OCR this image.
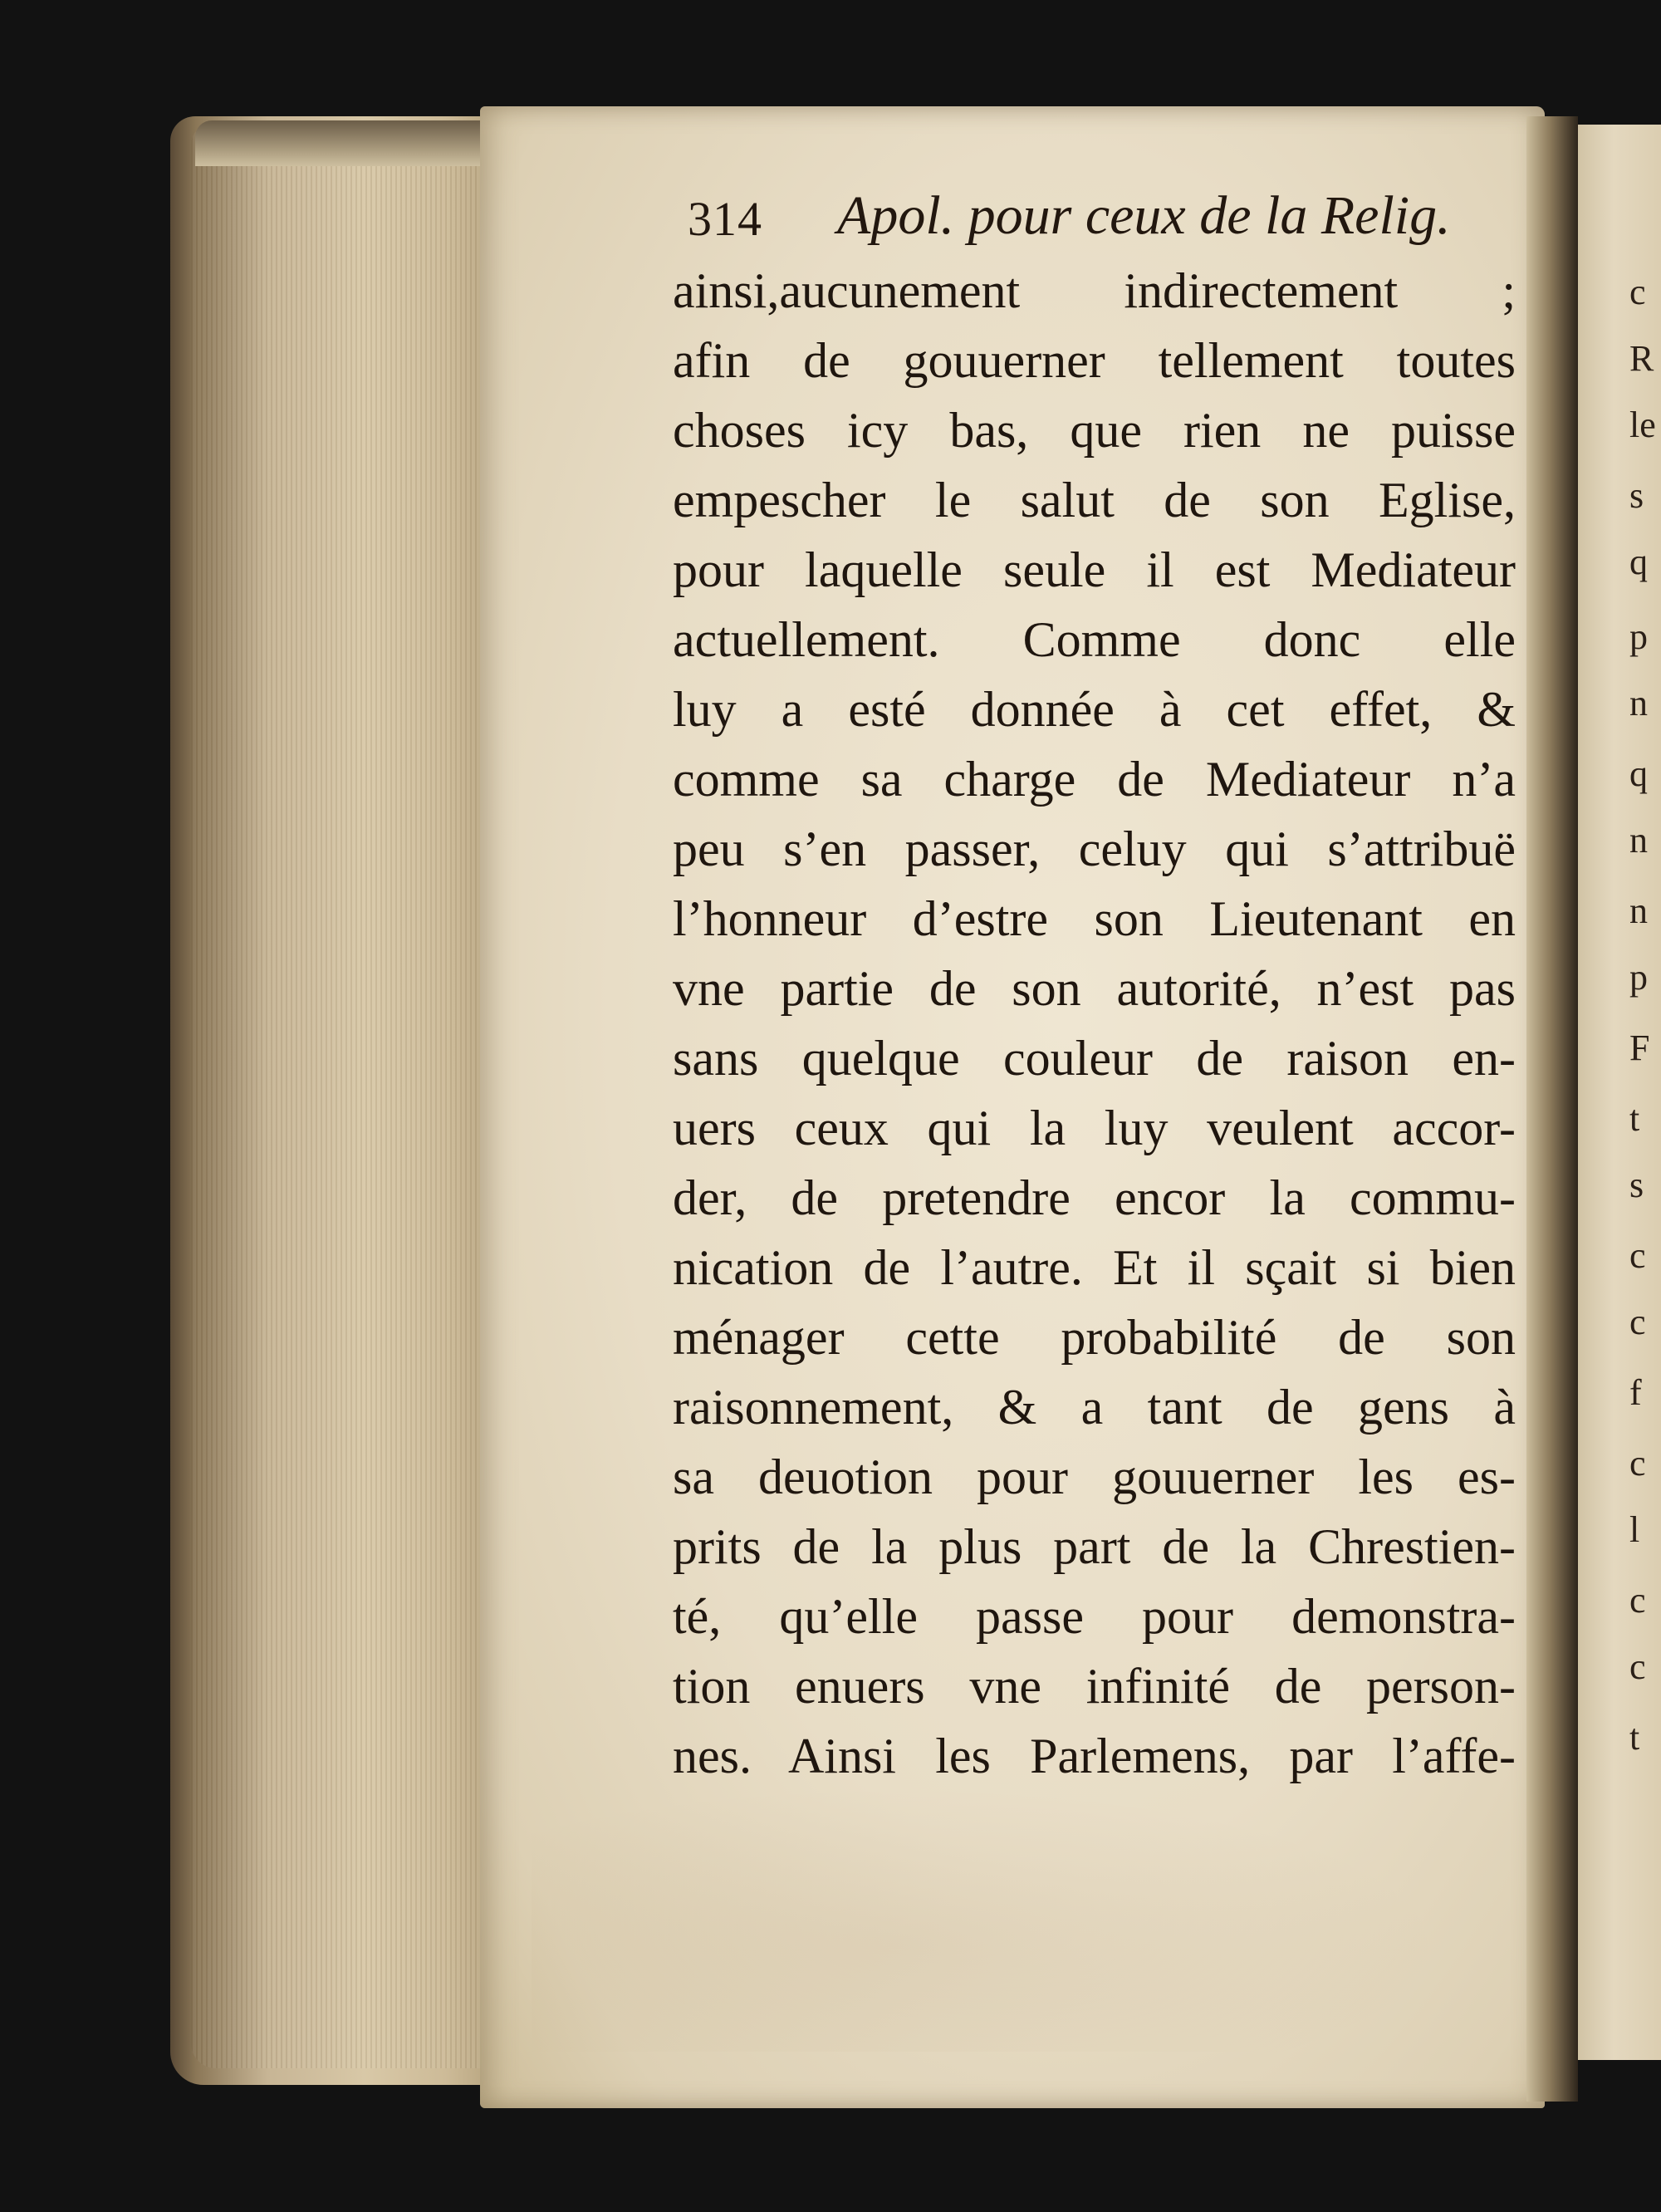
c
R
le
s
q
p
n
q
n
n
p
F
t
s
c
c
f
c
l
c
c
t
314 Apol. pour ceux de la Relig.
ainsi,aucunement indirectement ;
afin de gouuerner tellement toutes
choses icy bas, que rien ne puisse
empescher le salut de son Eglise,
pour laquelle seule il est Mediateur
actuellement. Comme donc elle
luy a esté donnée à cet effet, &
comme sa charge de Mediateur n’a
peu s’en passer, celuy qui s’attribuë
l’honneur d’estre son Lieutenant en
vne partie de son autorité, n’est pas
sans quelque couleur de raison en-
uers ceux qui la luy veulent accor-
der, de pretendre encor la commu-
nication de l’autre. Et il sçait si bien
ménager cette probabilité de son
raisonnement, & a tant de gens à
sa deuotion pour gouuerner les es-
prits de la plus part de la Chrestien-
té, qu’elle passe pour demonstra-
tion enuers vne infinité de person-
nes. Ainsi les Parlemens, par l’affe-
